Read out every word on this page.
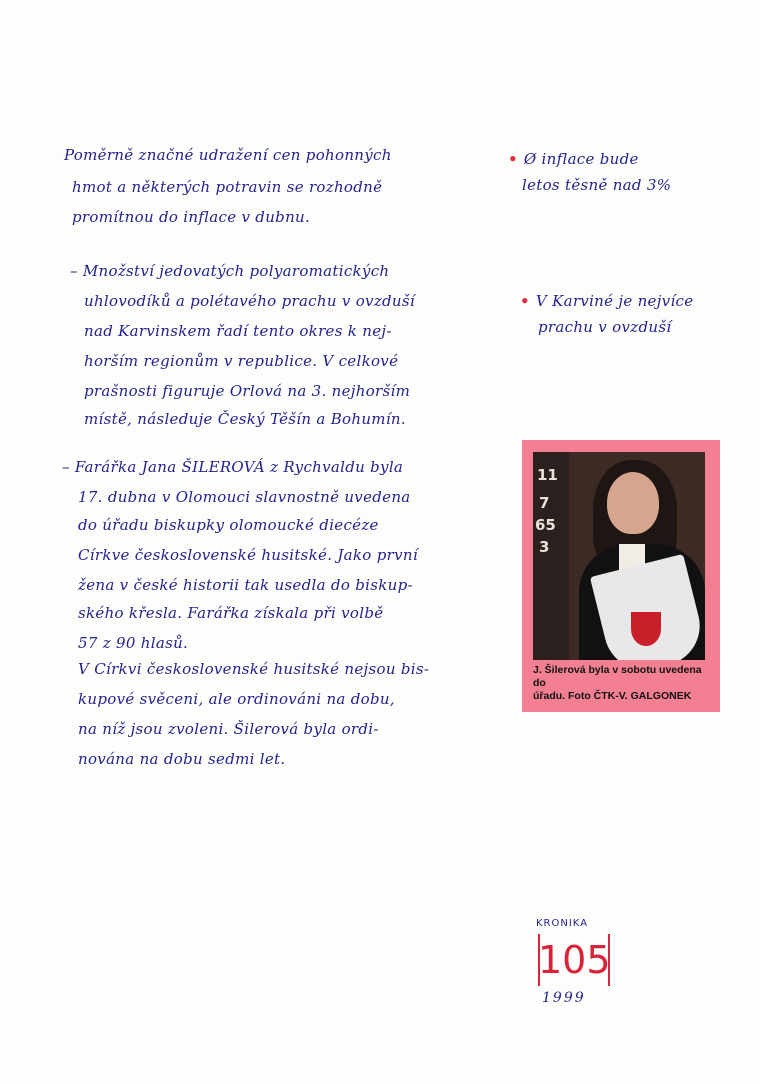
Poměrně značné udražení cen pohonných
hmot a některých potravin se rozhodně
promítnou do inflace v dubnu.
• Ø inflace bude
letos těsně nad 3%
– Množství jedovatých polyaromatických
uhlovodíků a polétavého prachu v ovzduší
nad Karvinskem řadí tento okres k nej-
horším regionům v republice. V celkové
prašnosti figuruje Orlová na 3. nejhorším
místě, následuje Český Těšín a Bohumín.
• V Karviné je nejvíce
prachu v ovzduší
– Farářka Jana ŠILEROVÁ z Rychvaldu byla
17. dubna v Olomouci slavnostně uvedena
do úřadu biskupky olomoucké diecéze
Církve československé husitské. Jako první
žena v české historii tak usedla do biskup-
ského křesla. Farářka získala při volbě
57 z 90 hlasů.
V Církvi československé husitské nejsou bis-
kupové svěceni, ale ordinováni na dobu,
na níž jsou zvoleni. Šilerová byla ordi-
nována na dobu sedmi let.
11
7
65
3
J. Šilerová byla v sobotu uvedena do
úřadu. Foto ČTK-V. GALGONEK
KRONIKA
105
1999
